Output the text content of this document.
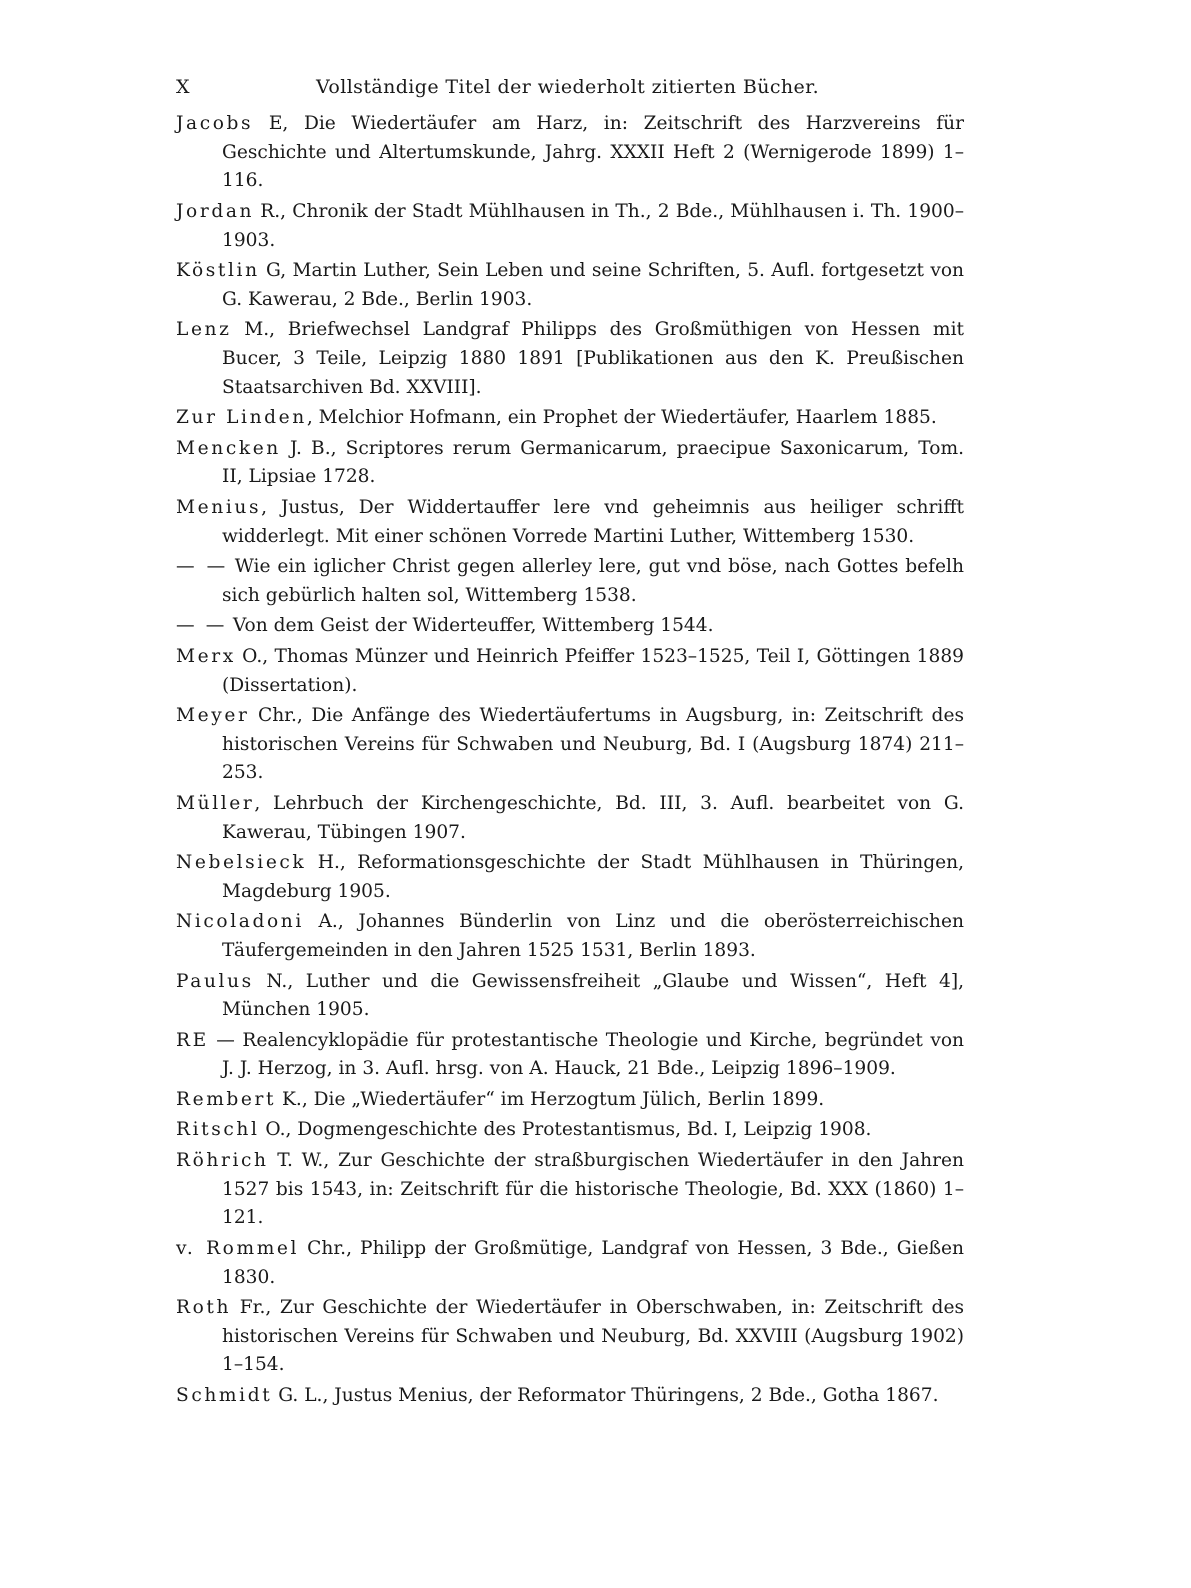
X	Vollständige Titel der wiederholt zitierten Bücher.
Jacobs E, Die Wiedertäufer am Harz, in: Zeitschrift des Harzvereins für Geschichte und Altertumskunde, Jahrg. XXXII Heft 2 (Wernigerode 1899) 1–116.
Jordan R., Chronik der Stadt Mühlhausen in Th., 2 Bde., Mühlhausen i. Th. 1900–1903.
Köstlin G, Martin Luther, Sein Leben und seine Schriften, 5. Aufl. fortgesetzt von G. Kawerau, 2 Bde., Berlin 1903.
Lenz M., Briefwechsel Landgraf Philipps des Großmüthigen von Hessen mit Bucer, 3 Teile, Leipzig 1880 1891 [Publikationen aus den K. Preußischen Staatsarchiven Bd. XXVIII].
Zur Linden, Melchior Hofmann, ein Prophet der Wiedertäufer, Haarlem 1885.
Mencken J. B., Scriptores rerum Germanicarum, praecipue Saxonicarum, Tom. II, Lipsiae 1728.
Menius, Justus, Der Widdertauffer lere vnd geheimnis aus heiliger schrifft widderlegt. Mit einer schönen Vorrede Martini Luther, Wittemberg 1530.
— — Wie ein iglicher Christ gegen allerley lere, gut vnd böse, nach Gottes befelh sich gebürlich halten sol, Wittemberg 1538.
— — Von dem Geist der Widerteuffer, Wittemberg 1544.
Merx O., Thomas Münzer und Heinrich Pfeiffer 1523–1525, Teil I, Göttingen 1889 (Dissertation).
Meyer Chr., Die Anfänge des Wiedertäufertums in Augsburg, in: Zeitschrift des historischen Vereins für Schwaben und Neuburg, Bd. I (Augsburg 1874) 211–253.
Müller, Lehrbuch der Kirchengeschichte, Bd. III, 3. Aufl. bearbeitet von G. Kawerau, Tübingen 1907.
Nebelsieck H., Reformationsgeschichte der Stadt Mühlhausen in Thüringen, Magdeburg 1905.
Nicoladoni A., Johannes Bünderlin von Linz und die oberösterreichischen Täufergemeinden in den Jahren 1525 1531, Berlin 1893.
Paulus N., Luther und die Gewissensfreiheit „Glaube und Wissen“, Heft 4], München 1905.
RE — Realencyklopädie für protestantische Theologie und Kirche, begründet von J. J. Herzog, in 3. Aufl. hrsg. von A. Hauck, 21 Bde., Leipzig 1896–1909.
Rembert K., Die „Wiedertäufer“ im Herzogtum Jülich, Berlin 1899.
Ritschl O., Dogmengeschichte des Protestantismus, Bd. I, Leipzig 1908.
Röhrich T. W., Zur Geschichte der straßburgischen Wiedertäufer in den Jahren 1527 bis 1543, in: Zeitschrift für die historische Theologie, Bd. XXX (1860) 1–121.
v. Rommel Chr., Philipp der Großmütige, Landgraf von Hessen, 3 Bde., Gießen 1830.
Roth Fr., Zur Geschichte der Wiedertäufer in Oberschwaben, in: Zeitschrift des historischen Vereins für Schwaben und Neuburg, Bd. XXVIII (Augsburg 1902) 1–154.
Schmidt G. L., Justus Menius, der Reformator Thüringens, 2 Bde., Gotha 1867.
